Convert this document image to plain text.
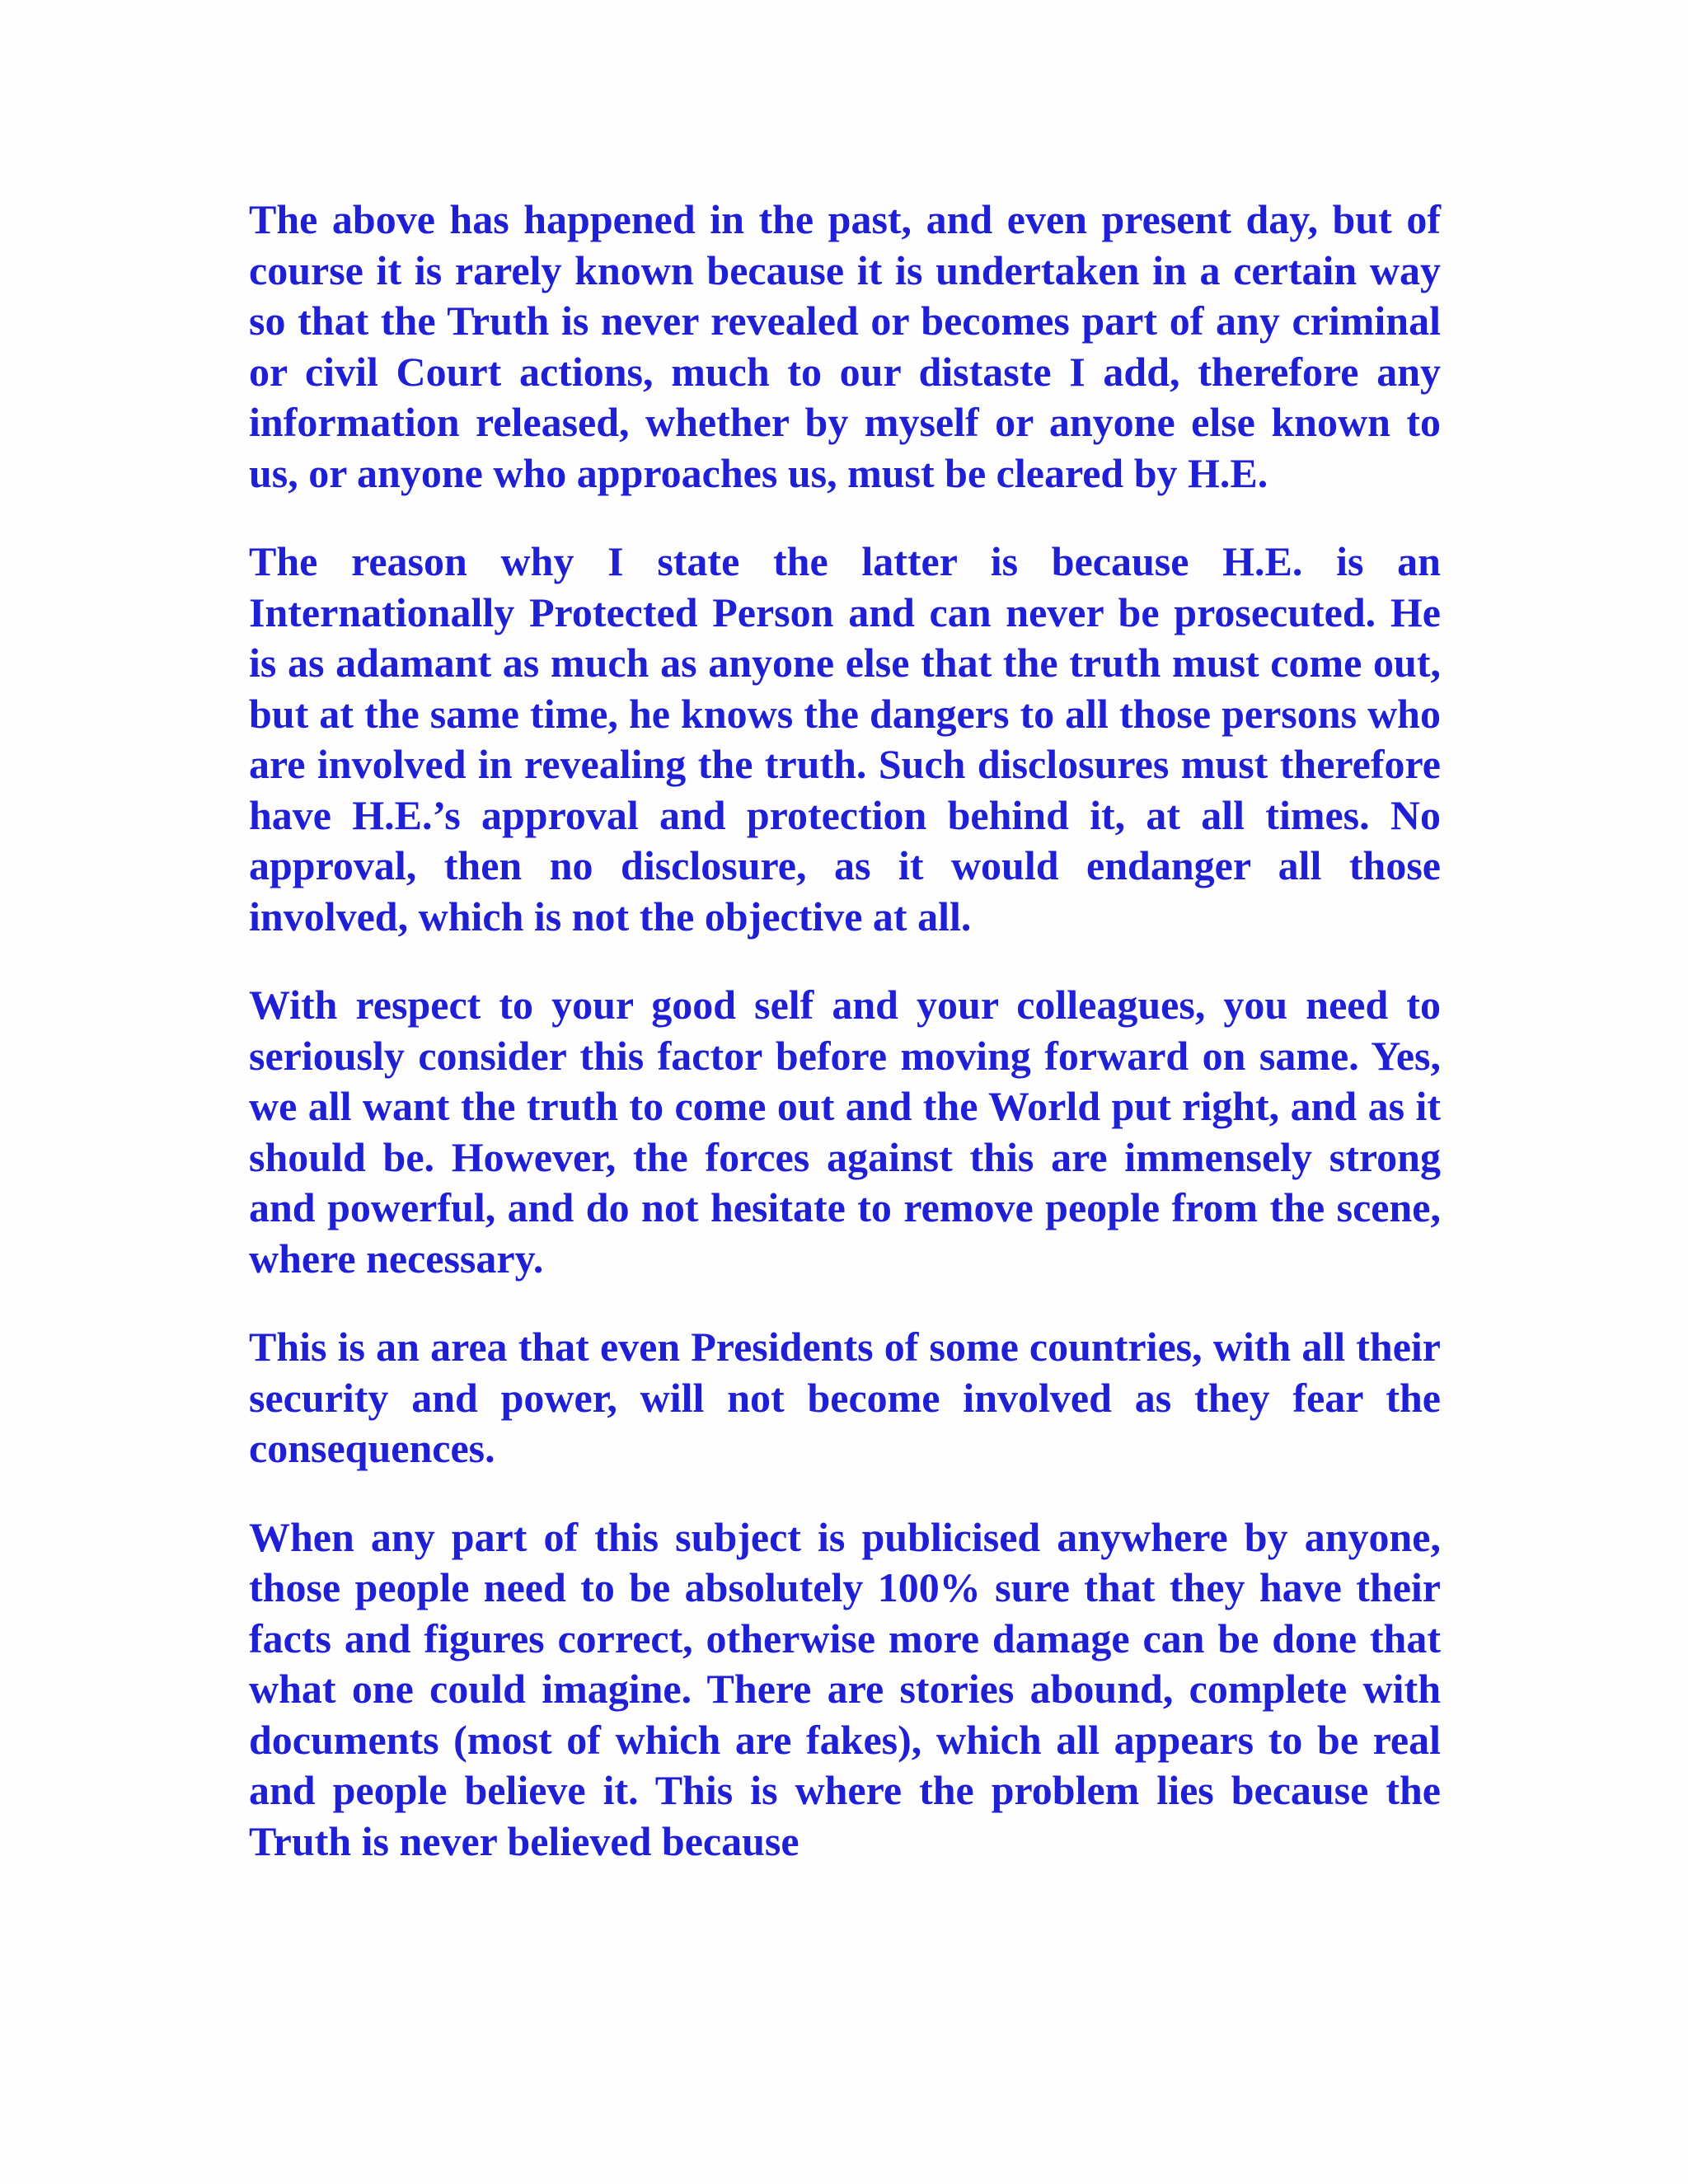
The above has happened in the past, and even present day, but of course it is rarely known because it is undertaken in a certain way so that the Truth is never revealed or becomes part of any criminal or civil Court actions, much to our distaste I add, therefore any information released, whether by myself or anyone else known to us, or anyone who approaches us, must be cleared by H.E.

The reason why I state the latter is because H.E. is an Internationally Protected Person and can never be prosecuted. He is as adamant as much as anyone else that the truth must come out, but at the same time, he knows the dangers to all those persons who are involved in revealing the truth. Such disclosures must therefore have H.E.’s approval and protection behind it, at all times. No approval, then no disclosure, as it would endanger all those involved, which is not the objective at all.

With respect to your good self and your colleagues, you need to seriously consider this factor before moving forward on same. Yes, we all want the truth to come out and the World put right, and as it should be. However, the forces against this are immensely strong and powerful, and do not hesitate to remove people from the scene, where necessary.

This is an area that even Presidents of some countries, with all their security and power, will not become involved as they fear the consequences.

When any part of this subject is publicised anywhere by anyone, those people need to be absolutely 100% sure that they have their facts and figures correct, otherwise more damage can be done that what one could imagine. There are stories abound, complete with documents (most of which are fakes), which all appears to be real and people believe it. This is where the problem lies because the Truth is never believed because
